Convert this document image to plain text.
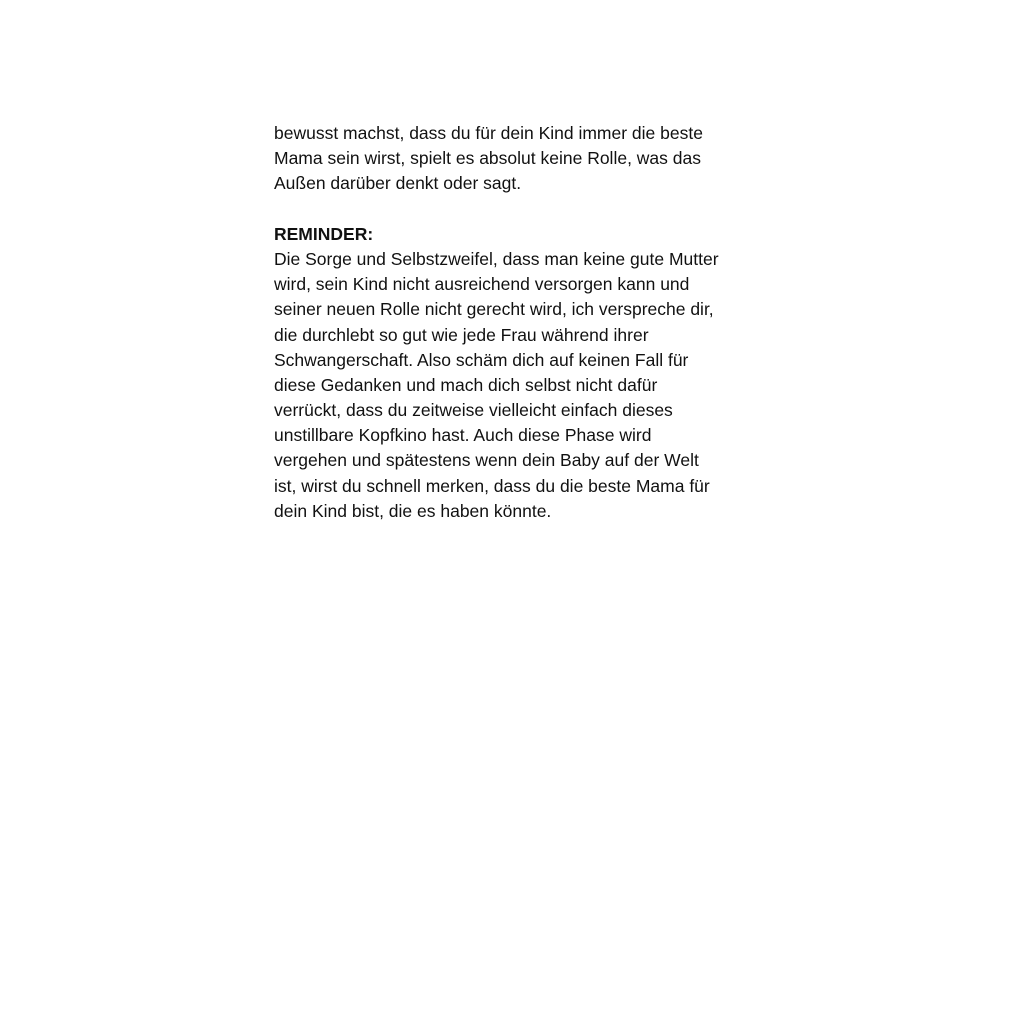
bewusst machst, dass du für dein Kind immer die beste
Mama sein wirst, spielt es absolut keine Rolle, was das
Außen darüber denkt oder sagt.
REMINDER:
Die Sorge und Selbstzweifel, dass man keine gute Mutter
wird, sein Kind nicht ausreichend versorgen kann und
seiner neuen Rolle nicht gerecht wird, ich verspreche dir,
die durchlebt so gut wie jede Frau während ihrer
Schwangerschaft. Also schäm dich auf keinen Fall für
diese Gedanken und mach dich selbst nicht dafür
verrückt, dass du zeitweise vielleicht einfach dieses
unstillbare Kopfkino hast. Auch diese Phase wird
vergehen und spätestens wenn dein Baby auf der Welt
ist, wirst du schnell merken, dass du die beste Mama für
dein Kind bist, die es haben könnte.
